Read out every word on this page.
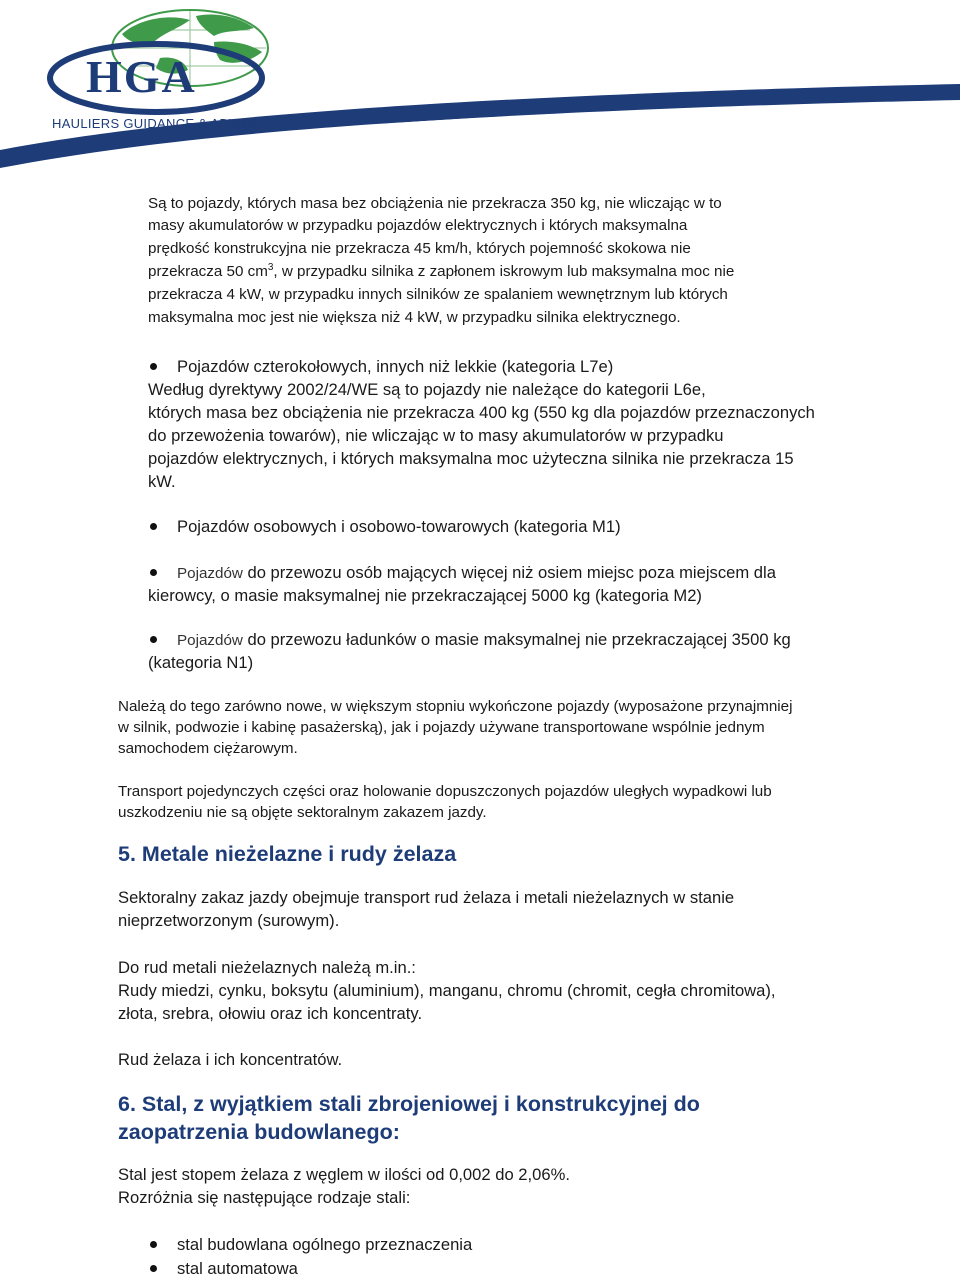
HGA
HAULIERS GUIDANCE & ADVICE

Są to pojazdy, których masa bez obciążenia nie przekracza 350 kg, nie wliczając w to

masy akumulatorów w przypadku pojazdów elektrycznych i których maksymalna

prędkość konstrukcyjna nie przekracza 45 km/h, których pojemność skokowa nie

przekracza 50 $cm^3$, w przypadku silnika z zapłonem iskrowym lub maksymalna moc nie

przekracza 4 kW, w przypadku innych silników ze spalaniem wewnętrznym lub których

maksymalna moc jest nie większa niż 4 kW, w przypadku silnika elektrycznego.

Pojazdów czterokołowych, innych niż lekkie (kategoria L7e)
Według dyrektywy 2002/24/WE są to pojazdy nie należące do kategorii L6e,
których masa bez obciążenia nie przekracza 400 kg (550 kg dla pojazdów przeznaczonych
do przewożenia towarów), nie wliczając w to masy akumulatorów w przypadku
pojazdów elektrycznych, i których maksymalna moc użyteczna silnika nie przekracza 15
kW.
Pojazdów osobowych i osobowo-towarowych (kategoria M1)
Pojazdów do przewozu osób mających więcej niż osiem miejsc poza miejscem dla
kierowcy, o masie maksymalnej nie przekraczającej 5000 kg (kategoria M2)
Pojazdów do przewozu ładunków o masie maksymalnej nie przekraczającej 3500 kg
(kategoria N1)

Należą do tego zarówno nowe, w większym stopniu wykończone pojazdy (wyposażone przynajmniej

w silnik, podwozie i kabinę pasażerską), jak i pojazdy używane transportowane wspólnie jednym

samochodem ciężarowym.

Transport pojedynczych części oraz holowanie dopuszczonych pojazdów uległych wypadkowi lub

uszkodzeniu nie są objęte sektoralnym zakazem jazdy.

5. Metale nieżelazne i rudy żelaza

Sektoralny zakaz jazdy obejmuje transport rud żelaza i metali nieżelaznych w stanie

nieprzetworzonym (surowym).

Do rud metali nieżelaznych należą m.in.:

Rudy miedzi, cynku, boksytu (aluminium), manganu, chromu (chromit, cegła chromitowa),

złota, srebra, ołowiu oraz ich koncentraty.

Rud żelaza i ich koncentratów.

6. Stal, z wyjątkiem stali zbrojeniowej i konstrukcyjnej do
zaopatrzenia budowlanego:

Stal jest stopem żelaza z węglem w ilości od 0,002 do 2,06%.

Rozróżnia się następujące rodzaje stali:

stal budowlana ogólnego przeznaczenia
stal automatowa
